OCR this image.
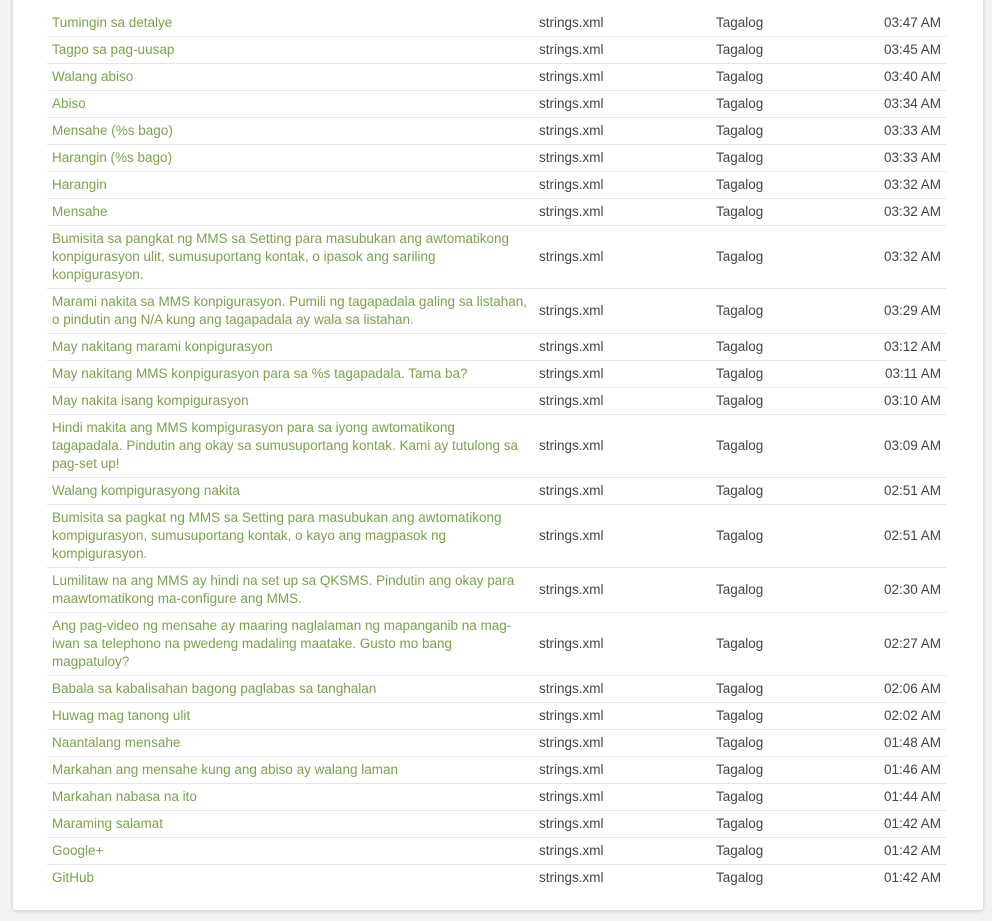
Tumingin sa detalye	strings.xml	Tagalog	03:47 AM
Tagpo sa pag-uusap	strings.xml	Tagalog	03:45 AM
Walang abiso	strings.xml	Tagalog	03:40 AM
Abiso	strings.xml	Tagalog	03:34 AM
Mensahe (%s bago)	strings.xml	Tagalog	03:33 AM
Harangin (%s bago)	strings.xml	Tagalog	03:33 AM
Harangin	strings.xml	Tagalog	03:32 AM
Mensahe	strings.xml	Tagalog	03:32 AM
Bumisita sa pangkat ng MMS sa Setting para masubukan ang awtomatikong konpigurasyon ulit, sumusuportang kontak, o ipasok ang sariling konpigurasyon.	strings.xml	Tagalog	03:32 AM
Marami nakita sa MMS konpigurasyon. Pumili ng tagapadala galing sa listahan, o pindutin ang N/A kung ang tagapadala ay wala sa listahan.	strings.xml	Tagalog	03:29 AM
May nakitang marami konpigurasyon	strings.xml	Tagalog	03:12 AM
May nakitang MMS konpigurasyon para sa %s tagapadala. Tama ba?	strings.xml	Tagalog	03:11 AM
May nakita isang kompigurasyon	strings.xml	Tagalog	03:10 AM
Hindi makita ang MMS kompigurasyon para sa iyong awtomatikong tagapadala. Pindutin ang okay sa sumusuportang kontak. Kami ay tutulong sa pag-set up!	strings.xml	Tagalog	03:09 AM
Walang kompigurasyong nakita	strings.xml	Tagalog	02:51 AM
Bumisita sa pagkat ng MMS sa Setting para masubukan ang awtomatikong kompigurasyon, sumusuportang kontak, o kayo ang magpasok ng kompigurasyon.	strings.xml	Tagalog	02:51 AM
Lumilitaw na ang MMS ay hindi na set up sa QKSMS. Pindutin ang okay para maawtomatikong ma-configure ang MMS.	strings.xml	Tagalog	02:30 AM
Ang pag-video ng mensahe ay maaring naglalaman ng mapanganib na mag-iwan sa telephono na pwedeng madaling maatake. Gusto mo bang magpatuloy?	strings.xml	Tagalog	02:27 AM
Babala sa kabalisahan bagong paglabas sa tanghalan	strings.xml	Tagalog	02:06 AM
Huwag mag tanong ulit	strings.xml	Tagalog	02:02 AM
Naantalang mensahe	strings.xml	Tagalog	01:48 AM
Markahan ang mensahe kung ang abiso ay walang laman	strings.xml	Tagalog	01:46 AM
Markahan nabasa na ito	strings.xml	Tagalog	01:44 AM
Maraming salamat	strings.xml	Tagalog	01:42 AM
Google+	strings.xml	Tagalog	01:42 AM
GitHub	strings.xml	Tagalog	01:42 AM
